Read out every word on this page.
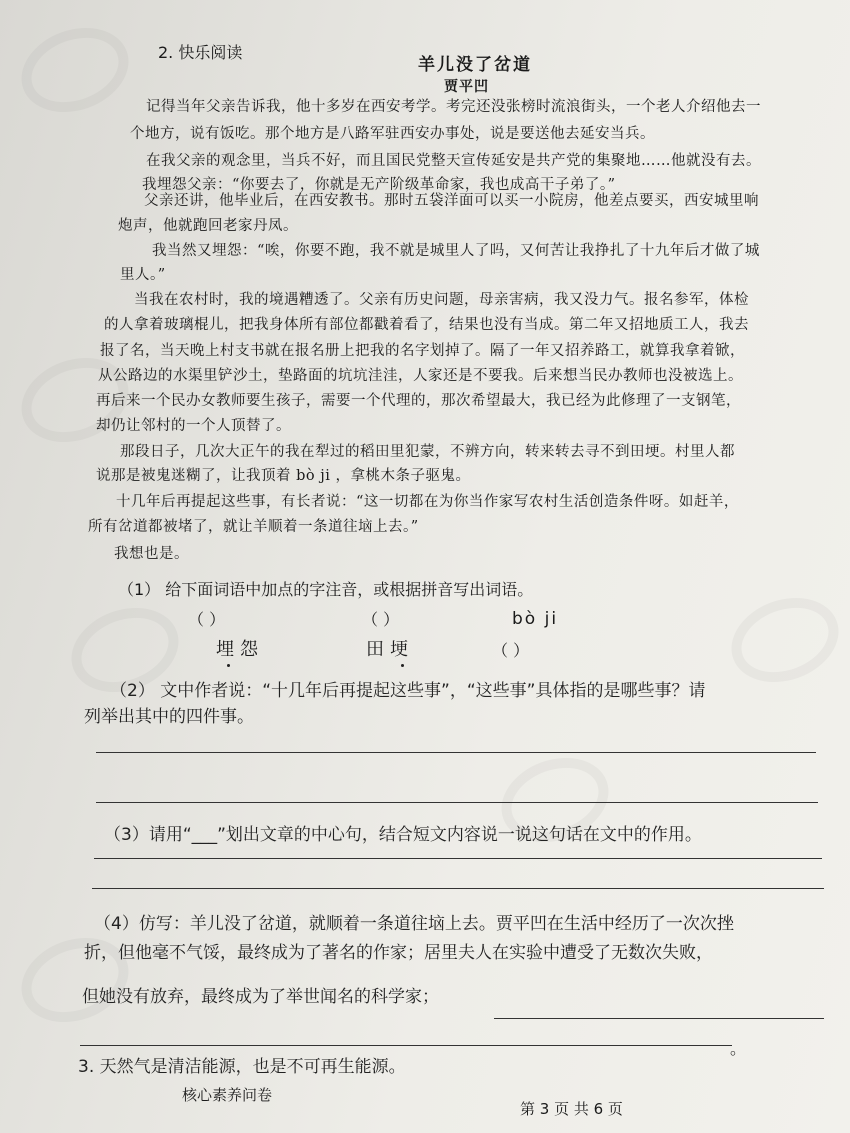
2. 快乐阅读
羊儿没了岔道
贾平凹
记得当年父亲告诉我，他十多岁在西安考学。考完还没张榜时流浪街头，一个老人介绍他去一
个地方，说有饭吃。那个地方是八路军驻西安办事处，说是要送他去延安当兵。
在我父亲的观念里，当兵不好，而且国民党整天宣传延安是共产党的集聚地……他就没有去。
我埋怨父亲：“你要去了，你就是无产阶级革命家，我也成高干子弟了。”
父亲还讲，他毕业后，在西安教书。那时五袋洋面可以买一小院房，他差点要买，西安城里响
炮声，他就跑回老家丹凤。
我当然又埋怨：“唉，你要不跑，我不就是城里人了吗，又何苦让我挣扎了十九年后才做了城
里人。”
当我在农村时，我的境遇糟透了。父亲有历史问题，母亲害病，我又没力气。报名参军，体检
的人拿着玻璃棍儿，把我身体所有部位都戳着看了，结果也没有当成。第二年又招地质工人，我去
报了名，当天晚上村支书就在报名册上把我的名字划掉了。隔了一年又招养路工，就算我拿着锨，
从公路边的水渠里铲沙土，垫路面的坑坑洼洼，人家还是不要我。后来想当民办教师也没被选上。
再后来一个民办女教师要生孩子，需要一个代理的，那次希望最大，我已经为此修理了一支钢笔，
却仍让邻村的一个人顶替了。
那段日子，几次大正午的我在犁过的稻田里犯蒙，不辨方向，转来转去寻不到田埂。村里人都
说那是被鬼迷糊了，让我顶着 bò ji ，拿桃木条子驱鬼。
十几年后再提起这些事，有长者说：“这一切都在为你当作家写农村生活创造条件呀。如赶羊，
所有岔道都被堵了，就让羊顺着一条道往垴上去。”
我想也是。
（1） 给下面词语中加点的字注音，或根据拼音写出词语。
（ ）	（ ）	bò ji
埋怨	田埂	（ ）
（2） 文中作者说：“十几年后再提起这些事”，“这些事”具体指的是哪些事？请
列举出其中的四件事。
（3）请用“___”划出文章的中心句，结合短文内容说一说这句话在文中的作用。
（4）仿写：羊儿没了岔道，就顺着一条道往垴上去。贾平凹在生活中经历了一次次挫
折，但他毫不气馁，最终成为了著名的作家；居里夫人在实验中遭受了无数次失败，
但她没有放弃，最终成为了举世闻名的科学家；
。
3. 天然气是清洁能源，也是不可再生能源。
核心素养问卷
第 3 页 共 6 页
